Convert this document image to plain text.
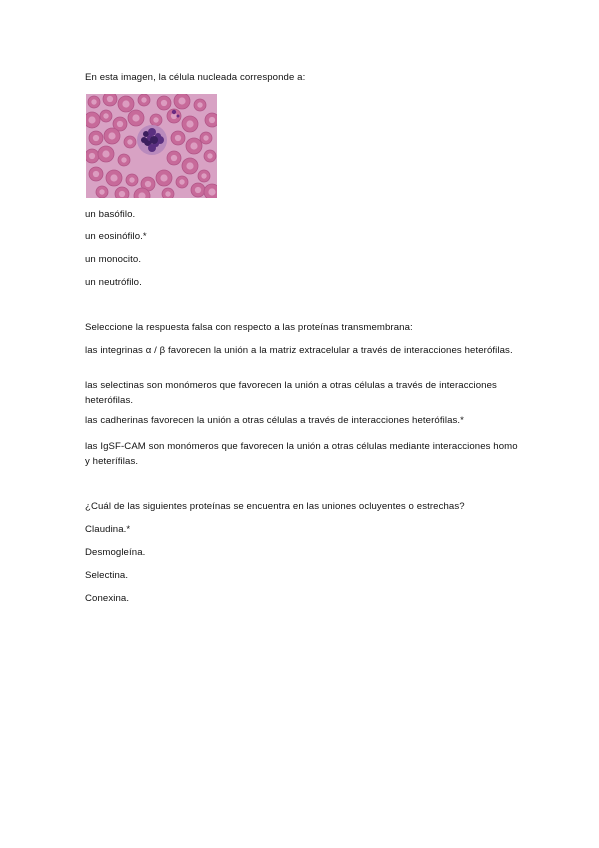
En esta imagen, la célula nucleada corresponde a:
un basófilo.
un eosinófilo.*
un monocito.
un neutrófilo.
Seleccione la respuesta falsa con respecto a las proteínas transmembrana:
las integrinas α / β favorecen la unión a la matriz extracelular a través de interacciones heterófilas.
las selectinas son monómeros que favorecen la unión a otras células a través de interacciones heterófilas.
las cadherinas favorecen la unión a otras células a través de interacciones heterófilas.*
las IgSF-CAM son monómeros que favorecen la unión a otras células mediante interacciones homo y heterífilas.
¿Cuál de las siguientes proteínas se encuentra en las uniones ocluyentes o estrechas?
Claudina.*
Desmogleína.
Selectina.
Conexina.
